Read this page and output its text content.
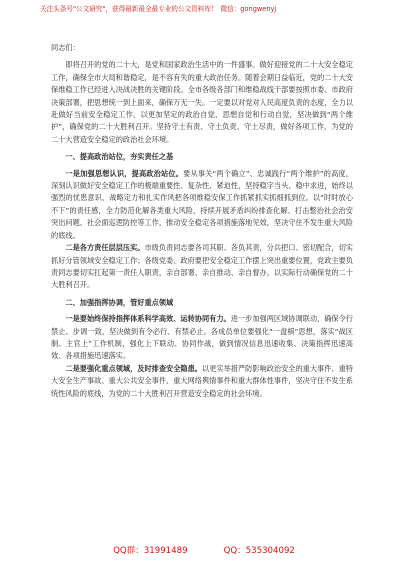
关注头条号"公文研究"，获得最新最全最专业的公文资料库！ 微信：gongwenyj

同志们：

即将召开的党的二十大，是党和国家政治生活中的一件盛事。做好迎接党的二十大安全稳定工作，确保全市大局和谐稳定，是不容有失的重大政治任务。随着会期日益临近，党的二十大安保维稳工作已经进入决战决胜的关键阶段。全市各级各部门和维稳战线干部要按照市委、市政府决策部署，把思想统一到上面来，确保万无一失。一定要以对党对人民高度负责的态度，全力以赴做好当前安全稳定工作，以更加坚定的政治自觉、思想自觉和行动自觉，坚决做到“两个维护”，确保党的二十大胜利召开。坚持守土有责、守土负责、守土尽责，做好各项工作，为党的二十大营造安全稳定的政治社会环境。

一、提高政治站位，夯实责任之基

一是加强思想认识，提高政治站位。要从事关“两个确立”、忠诚践行“两个维护”的高度，深刻认识做好安全稳定工作的极端重要性、复杂性、紧迫性，坚持稳字当头、稳中求进，始终以强烈的忧患意识、战略定力和扎实作风把各项维稳安保工作抓紧抓实抓细抓到位。以“时时放心不下”的责任感，全力防范化解各类重大风险，持续开展矛盾纠纷排查化解、打击整治社会治安突出问题、社会面巡逻防控等工作，推动安全稳定各项措施落地见效，坚决守住不发生重大风险的底线。

二是各方责任层层压实。市级负责同志要各司其职、各负其责，分兵把口、密切配合，切实抓好分管领域安全稳定工作；各级党委、政府要把安全稳定工作摆上突出重要位置，党政主要负责同志要切实扛起第一责任人职责，亲自部署、亲自推动、亲自督办，以实际行动确保党的二十大胜利召开。

二、加强指挥协调，管好重点领域

一是要始终保持指挥体系科学高效、运转协同有力。进一步加强两区域协调联动，确保令行禁止、步调一致，坚决做到有令必行、有禁必止。各成员单位要强化“一盘棋”思想，落实“战区制、主官上”工作机制，强化上下联动、协同作战，做到情况信息迅速收集、决策指挥迅速高效、各项措施迅速落实。

二是要强化重点领域，及时排查安全隐患。以更实举措严防影响政治安全的重大事件、重特大安全生产事故、重大公共安全事件、重大网络舆情事件和重大群体性事件，坚决守住不发生系统性风险的底线，为党的二十大胜利召开营造安全稳定的社会环境。

QQ群：31991489	QQ：535304092
